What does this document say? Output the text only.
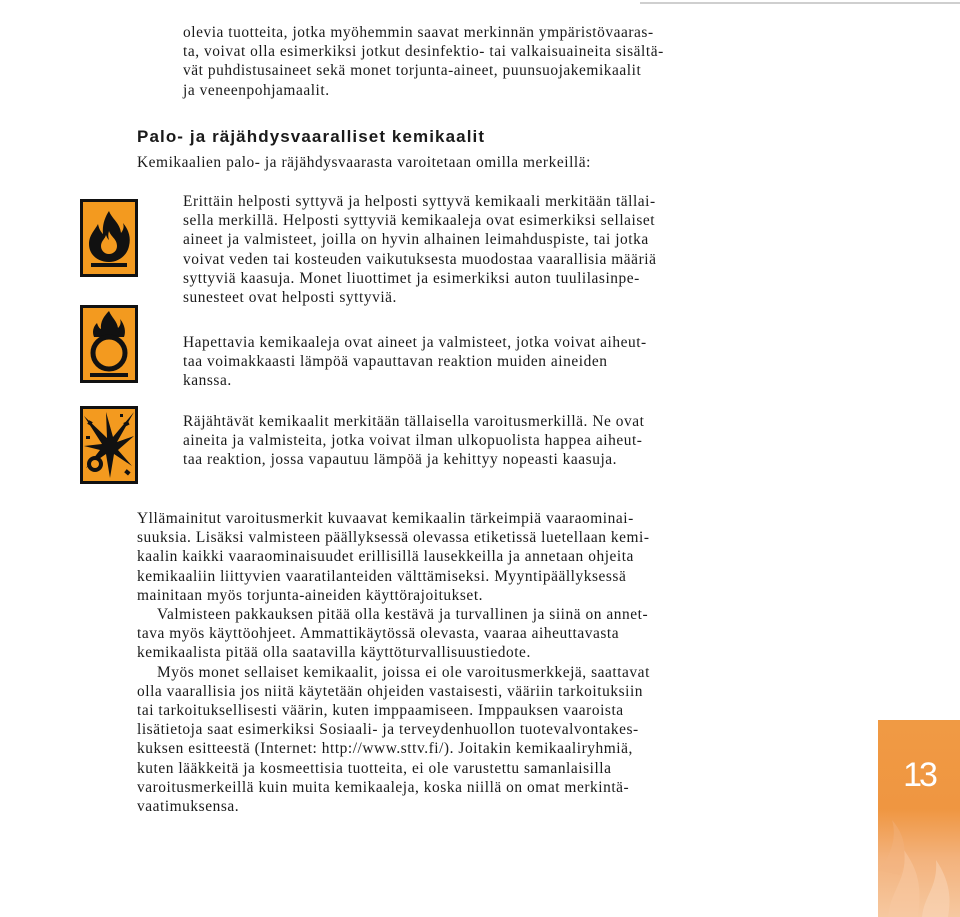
olevia tuotteita, jotka myöhemmin saavat merkinnän ympäristövaaras-
ta, voivat olla esimerkiksi jotkut desinfektio- tai valkaisuaineita sisältä-
vät puhdistusaineet sekä monet torjunta-aineet, puunsuojakemikaalit
ja veneenpohjamaalit.
Palo- ja räjähdysvaaralliset kemikaalit
Kemikaalien palo- ja räjähdysvaarasta varoitetaan omilla merkeillä:
Erittäin helposti syttyvä ja helposti syttyvä kemikaali merkitään tällai-
sella merkillä. Helposti syttyviä kemikaaleja ovat esimerkiksi sellaiset
aineet ja valmisteet, joilla on hyvin alhainen leimahduspiste, tai jotka
voivat veden tai kosteuden vaikutuksesta muodostaa vaarallisia määriä
syttyviä kaasuja. Monet liuottimet ja esimerkiksi auton tuulilasinpe-
sunesteet ovat helposti syttyviä.
Hapettavia kemikaaleja ovat aineet ja valmisteet, jotka voivat aiheut-
taa voimakkaasti lämpöä vapauttavan reaktion muiden aineiden
kanssa.
Räjähtävät kemikaalit merkitään tällaisella varoitusmerkillä. Ne ovat
aineita ja valmisteita, jotka voivat ilman ulkopuolista happea aiheut-
taa reaktion, jossa vapautuu lämpöä ja kehittyy nopeasti kaasuja.

Yllämainitut varoitusmerkit kuvaavat kemikaalin tärkeimpiä vaaraominai-
suuksia. Lisäksi valmisteen päällyksessä olevassa etiketissä luetellaan kemi-
kaalin kaikki vaaraominaisuudet erillisillä lausekkeilla ja annetaan ohjeita
kemikaaliin liittyvien vaaratilanteiden välttämiseksi. Myyntipäällyksessä
mainitaan myös torjunta-aineiden käyttörajoitukset.

Valmisteen pakkauksen pitää olla kestävä ja turvallinen ja siinä on annet-
tava myös käyttöohjeet. Ammattikäytössä olevasta, vaaraa aiheuttavasta
kemikaalista pitää olla saatavilla käyttöturvallisuustiedote.

Myös monet sellaiset kemikaalit, joissa ei ole varoitusmerkkejä, saattavat
olla vaarallisia jos niitä käytetään ohjeiden vastaisesti, vääriin tarkoituksiin
tai tarkoituksellisesti väärin, kuten imppaamiseen. Imppauksen vaaroista
lisätietoja saat esimerkiksi Sosiaali- ja terveydenhuollon tuotevalvontakes-
kuksen esitteestä (Internet: http://www.sttv.fi/). Joitakin kemikaaliryhmiä,
kuten lääkkeitä ja kosmeettisia tuotteita, ei ole varustettu samanlaisilla
varoitusmerkeillä kuin muita kemikaaleja, koska niillä on omat merkintä-
vaatimuksensa.

13
